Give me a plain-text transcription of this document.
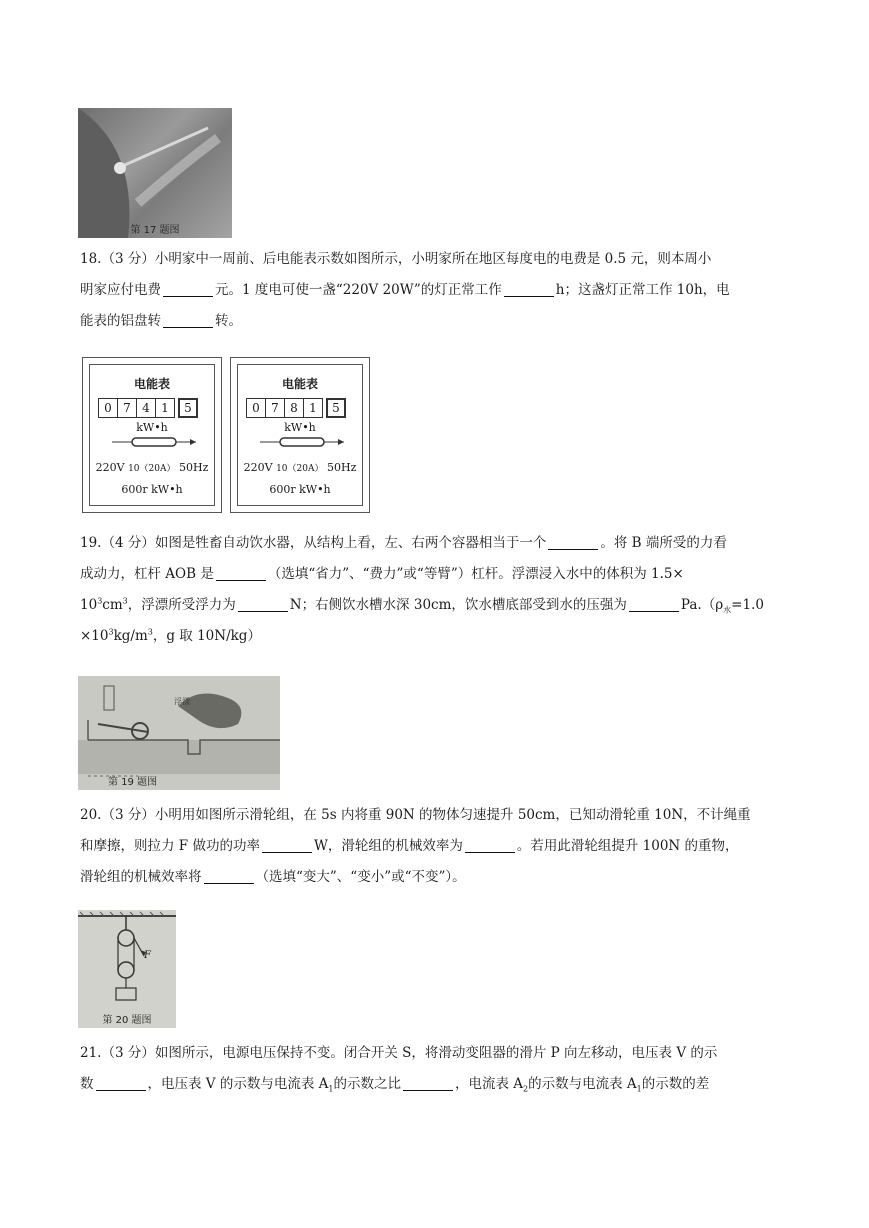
第 17 题图
18.（3 分）小明家中一周前、后电能表示数如图所示，小明家所在地区每度电的电费是 0.5 元，则本周小
明家应付电费	元。1 度电可使一盏“220V 20W”的灯正常工作	h；这盏灯正常工作 10h，电
能表的铝盘转	转。
电能表
0 7 4 1	5
kW•h
220V 10（20A） 50Hz
600r kW•h
电能表
0 7 8 1	5
kW•h
220V 10（20A） 50Hz
600r kW•h
19.（4 分）如图是牲畜自动饮水器，从结构上看，左、右两个容器相当于一个	。将 B 端所受的力看
成动力，杠杆 AOB 是	（选填“省力”、“费力”或“等臂”）杠杆。浮漂浸入水中的体积为 1.5×
$10^3cm^3$，浮漂所受浮力为	N；右侧饮水槽水深 30cm，饮水槽底部受到水的压强为	$Pa.(\rho_水=1.0$
$\times 10^3kg/m^3$，g 取 10N/kg）
浮漂
第 19 题图
20.（3 分）小明用如图所示滑轮组，在 5s 内将重 90N 的物体匀速提升 50cm，已知动滑轮重 10N，不计绳重
和摩擦，则拉力 F 做功的功率	W，滑轮组的机械效率为	。若用此滑轮组提升 100N 的重物，
滑轮组的机械效率将	（选填“变大”、“变小”或“不变”）。
F
第 20 题图
21.（3 分）如图所示，电源电压保持不变。闭合开关 S，将滑动变阻器的滑片 P 向左移动，电压表 V 的示
数	，电压表 V 的示数与电流表 $A_1$的示数之比	，电流表 $A_2$的示数与电流表 $A_1$的示数的差
